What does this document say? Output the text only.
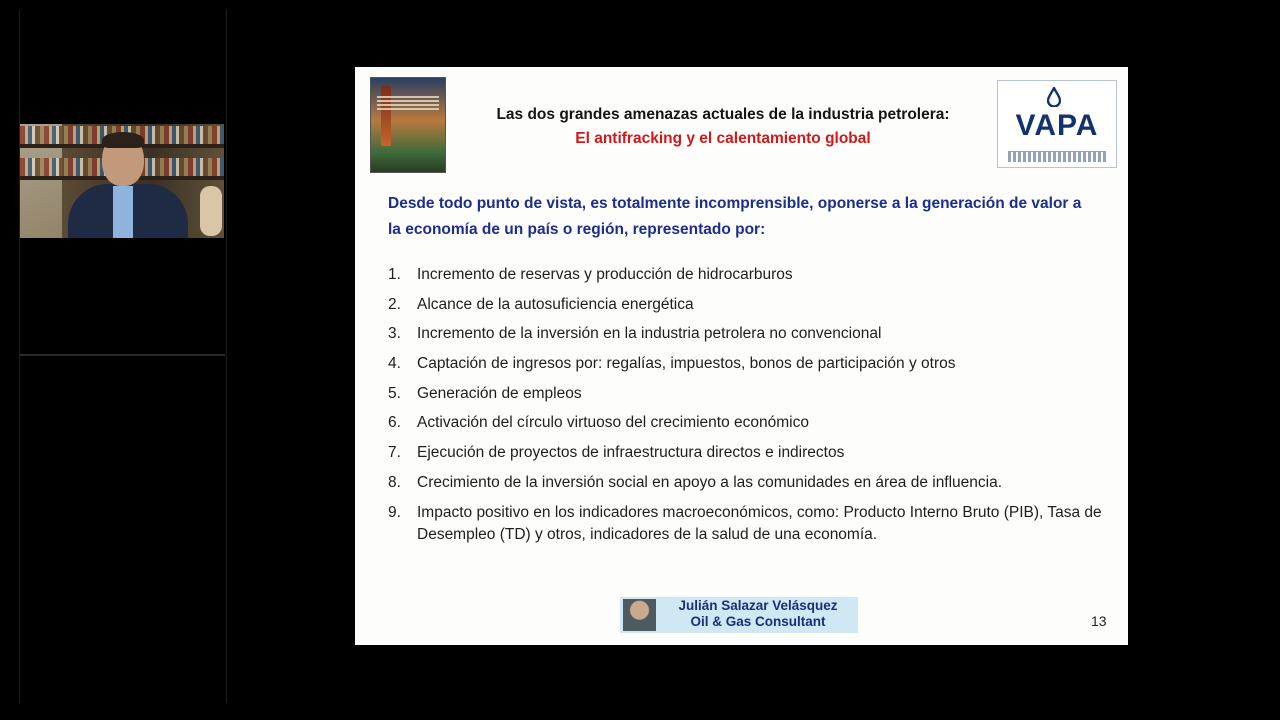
Las dos grandes amenazas actuales de la industria petrolera:
El antifracking y el calentamiento global	VAPA
Desde todo punto de vista, es totalmente incomprensible, oponerse a la generación de valor a la economía de un país o región, representado por:
1. Incremento de reservas y producción de hidrocarburos
2. Alcance de la autosuficiencia energética
3. Incremento de la inversión en la industria petrolera no convencional
4. Captación de ingresos por: regalías, impuestos, bonos de participación y otros
5. Generación de empleos
6. Activación del círculo virtuoso del crecimiento económico
7. Ejecución de proyectos de infraestructura directos e indirectos
8. Crecimiento de la inversión social en apoyo a las comunidades en área de influencia.
9. Impacto positivo en los indicadores macroeconómicos, como: Producto Interno Bruto (PIB), Tasa de Desempleo (TD) y otros, indicadores de la salud de una economía.
Julián Salazar Velásquez
Oil & Gas Consultant	13
